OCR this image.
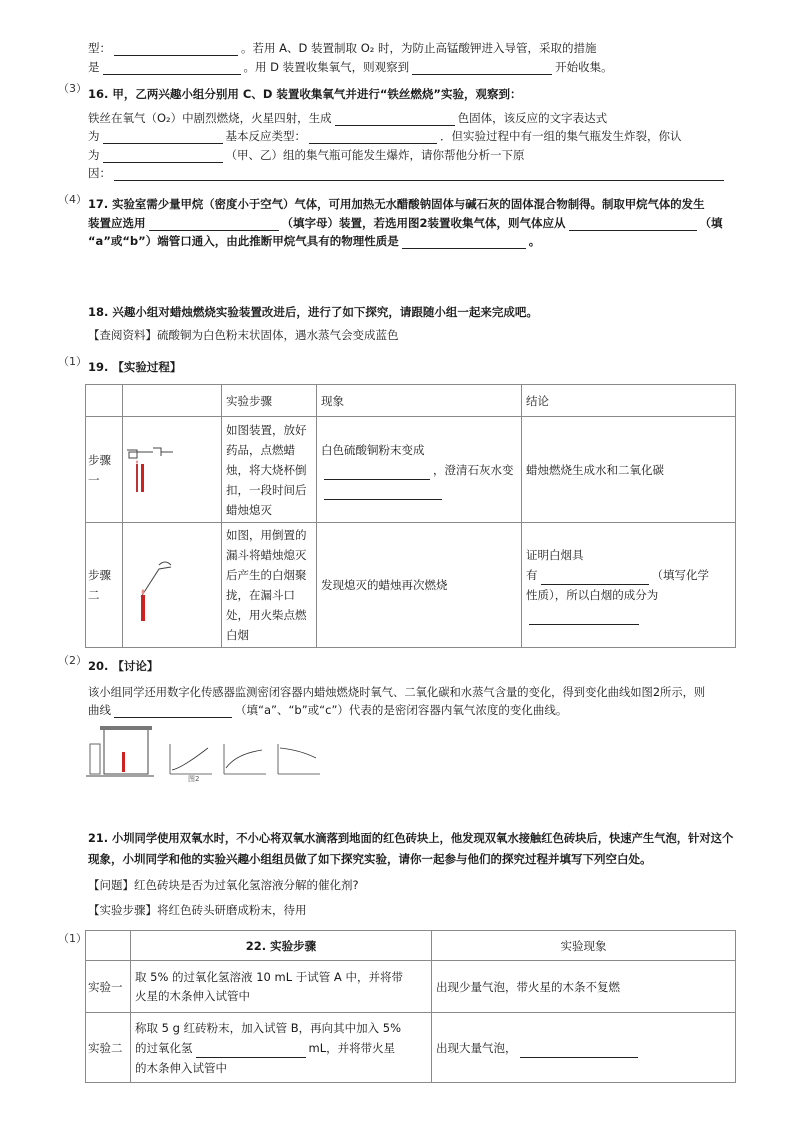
型：	。若用 A、D 装置制取 O₂ 时，为防止高锰酸钾进入导管，采取的措施
是	。用 D 装置收集氧气，则观察到	开始收集。
（3） 16. 甲，乙两兴趣小组分别用 C、D 装置收集氧气并进行“铁丝燃烧”实验，观察到：
铁丝在氧气（O₂）中剧烈燃烧，火星四射，生成	色固体，该反应的文字表达式
为	基本反应类型：	．但实验过程中有一组的集气瓶发生炸裂，你认
为	（甲、乙）组的集气瓶可能发生爆炸，请你帮他分析一下原
因：
（4） 17. 实验室需少量甲烷（密度小于空气）气体，可用加热无水醋酸钠固体与碱石灰的固体混合物制得。制取甲烷气体的发生
装置应选用	（填字母）装置，若选用图2装置收集气体，则气体应从	（填
“a”或“b”）端管口通入，由此推断甲烷气具有的物理性质是	。
18. 兴趣小组对蜡烛燃烧实验装置改进后，进行了如下探究，请跟随小组一起来完成吧。
【查阅资料】硫酸铜为白色粉末状固体，遇水蒸气会变成蓝色
（1） 19. 【实验过程】
		实验步骤	现象	结论
步骤一		如图装置，放好药品，点燃蜡烛，将大烧杯倒扣，一段时间后蜡烛熄灭	白色硫酸铜粉末变成，澄清石灰水变	蜡烛燃烧生成水和二氧化碳
步骤二		如图，用倒置的漏斗将蜡烛熄灭后产生的白烟聚拢，在漏斗口处，用火柴点燃白烟	发现熄灭的蜡烛再次燃烧	证明白烟具
有 （填写化学
性质），所以白烟的成分为

（2） 20. 【讨论】
该小组同学还用数字化传感器监测密闭容器内蜡烛燃烧时氧气、二氧化碳和水蒸气含量的变化，得到变化曲线如图2所示，则
曲线	（填“a”、“b”或“c”）代表的是密闭容器内氧气浓度的变化曲线。
图2
21. 小圳同学使用双氧水时，不小心将双氧水滴落到地面的红色砖块上，他发现双氧水接触红色砖块后，快速产生气泡，针对这个
现象，小圳同学和他的实验兴趣小组组员做了如下探究实验，请你一起参与他们的探究过程并填写下列空白处。
【问题】红色砖块是否为过氧化氢溶液分解的催化剂?
【实验步骤】将红色砖头研磨成粉末，待用
（1）
		22. 实验步骤	实验现象
实验一	取 5% 的过氧化氢溶液 10 mL 于试管 A 中，并将带
火星的木条伸入试管中	出现少量气泡，带火星的木条不复燃
实验二	称取 5 g 红砖粉末，加入试管 B，再向其中加入 5%
的过氧化氢 mL，并将带火星
的木条伸入试管中	出现大量气泡，
